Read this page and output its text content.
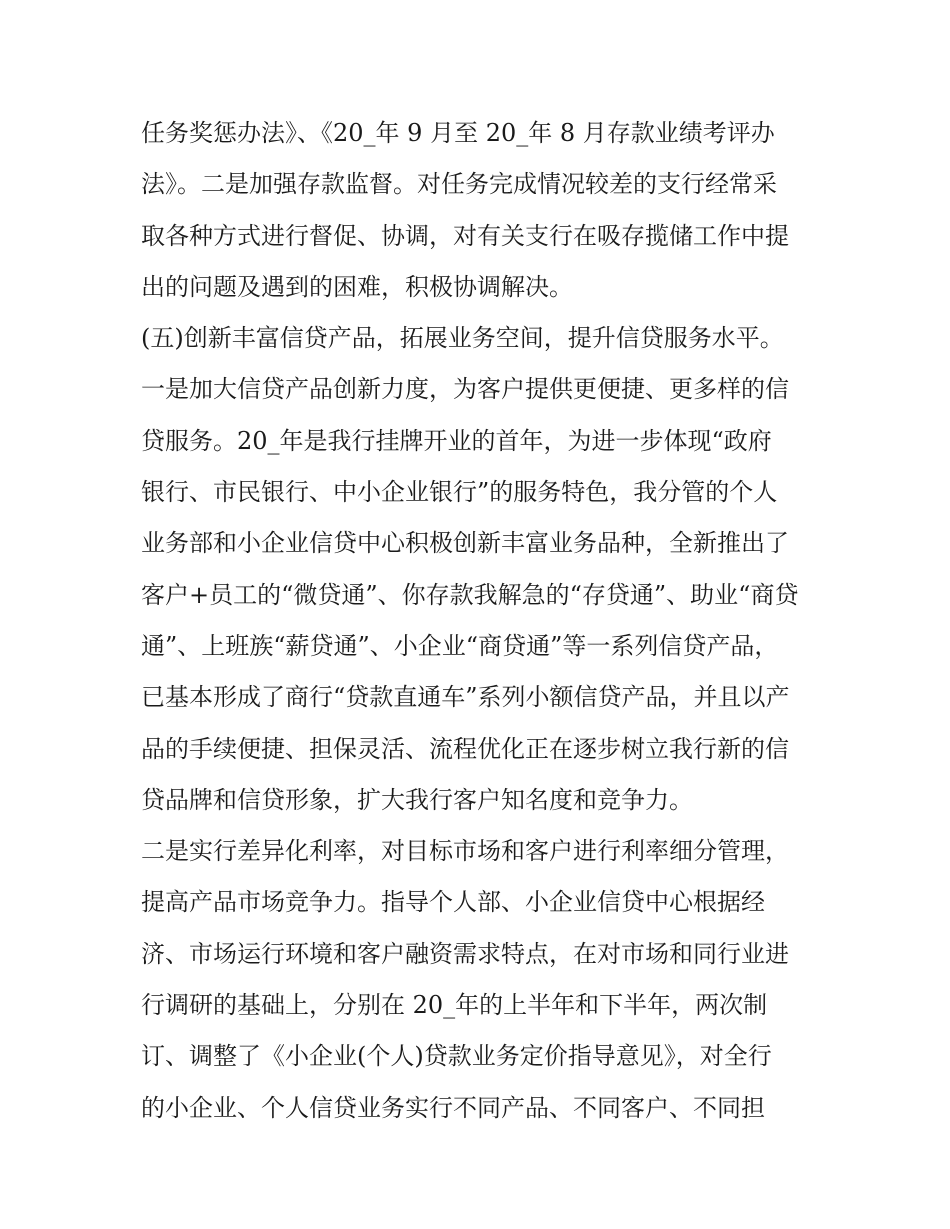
任务奖惩办法》、《20_年 9 月至 20_年 8 月存款业绩考评办
法》。二是加强存款监督。对任务完成情况较差的支行经常采
取各种方式进行督促、协调，对有关支行在吸存揽储工作中提
出的问题及遇到的困难，积极协调解决。
(五)创新丰富信贷产品，拓展业务空间，提升信贷服务水平。
一是加大信贷产品创新力度，为客户提供更便捷、更多样的信
贷服务。20_年是我行挂牌开业的首年，为进一步体现“政府
银行、市民银行、中小企业银行”的服务特色，我分管的个人
业务部和小企业信贷中心积极创新丰富业务品种，全新推出了
客户+员工的“微贷通”、你存款我解急的“存贷通”、助业“商贷
通”、上班族“薪贷通”、小企业“商贷通”等一系列信贷产品，
已基本形成了商行“贷款直通车”系列小额信贷产品，并且以产
品的手续便捷、担保灵活、流程优化正在逐步树立我行新的信
贷品牌和信贷形象，扩大我行客户知名度和竞争力。
二是实行差异化利率，对目标市场和客户进行利率细分管理，
提高产品市场竞争力。指导个人部、小企业信贷中心根据经
济、市场运行环境和客户融资需求特点，在对市场和同行业进
行调研的基础上，分别在 20_年的上半年和下半年，两次制
订、调整了《小企业(个人)贷款业务定价指导意见》，对全行
的小企业、个人信贷业务实行不同产品、不同客户、不同担
